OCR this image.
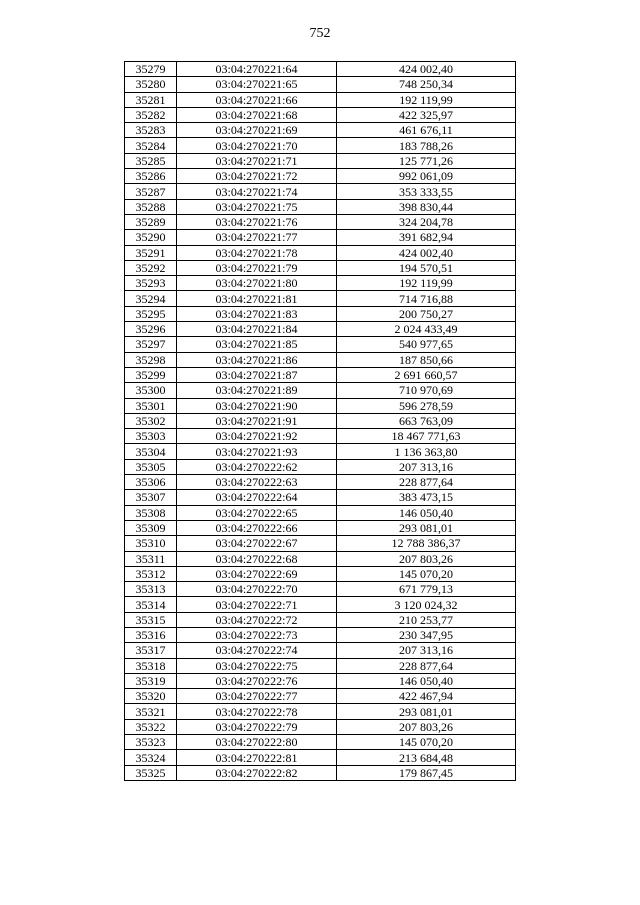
752
35279	03:04:270221:64	424 002,40
35280	03:04:270221:65	748 250,34
35281	03:04:270221:66	192 119,99
35282	03:04:270221:68	422 325,97
35283	03:04:270221:69	461 676,11
35284	03:04:270221:70	183 788,26
35285	03:04:270221:71	125 771,26
35286	03:04:270221:72	992 061,09
35287	03:04:270221:74	353 333,55
35288	03:04:270221:75	398 830,44
35289	03:04:270221:76	324 204,78
35290	03:04:270221:77	391 682,94
35291	03:04:270221:78	424 002,40
35292	03:04:270221:79	194 570,51
35293	03:04:270221:80	192 119,99
35294	03:04:270221:81	714 716,88
35295	03:04:270221:83	200 750,27
35296	03:04:270221:84	2 024 433,49
35297	03:04:270221:85	540 977,65
35298	03:04:270221:86	187 850,66
35299	03:04:270221:87	2 691 660,57
35300	03:04:270221:89	710 970,69
35301	03:04:270221:90	596 278,59
35302	03:04:270221:91	663 763,09
35303	03:04:270221:92	18 467 771,63
35304	03:04:270221:93	1 136 363,80
35305	03:04:270222:62	207 313,16
35306	03:04:270222:63	228 877,64
35307	03:04:270222:64	383 473,15
35308	03:04:270222:65	146 050,40
35309	03:04:270222:66	293 081,01
35310	03:04:270222:67	12 788 386,37
35311	03:04:270222:68	207 803,26
35312	03:04:270222:69	145 070,20
35313	03:04:270222:70	671 779,13
35314	03:04:270222:71	3 120 024,32
35315	03:04:270222:72	210 253,77
35316	03:04:270222:73	230 347,95
35317	03:04:270222:74	207 313,16
35318	03:04:270222:75	228 877,64
35319	03:04:270222:76	146 050,40
35320	03:04:270222:77	422 467,94
35321	03:04:270222:78	293 081,01
35322	03:04:270222:79	207 803,26
35323	03:04:270222:80	145 070,20
35324	03:04:270222:81	213 684,48
35325	03:04:270222:82	179 867,45
